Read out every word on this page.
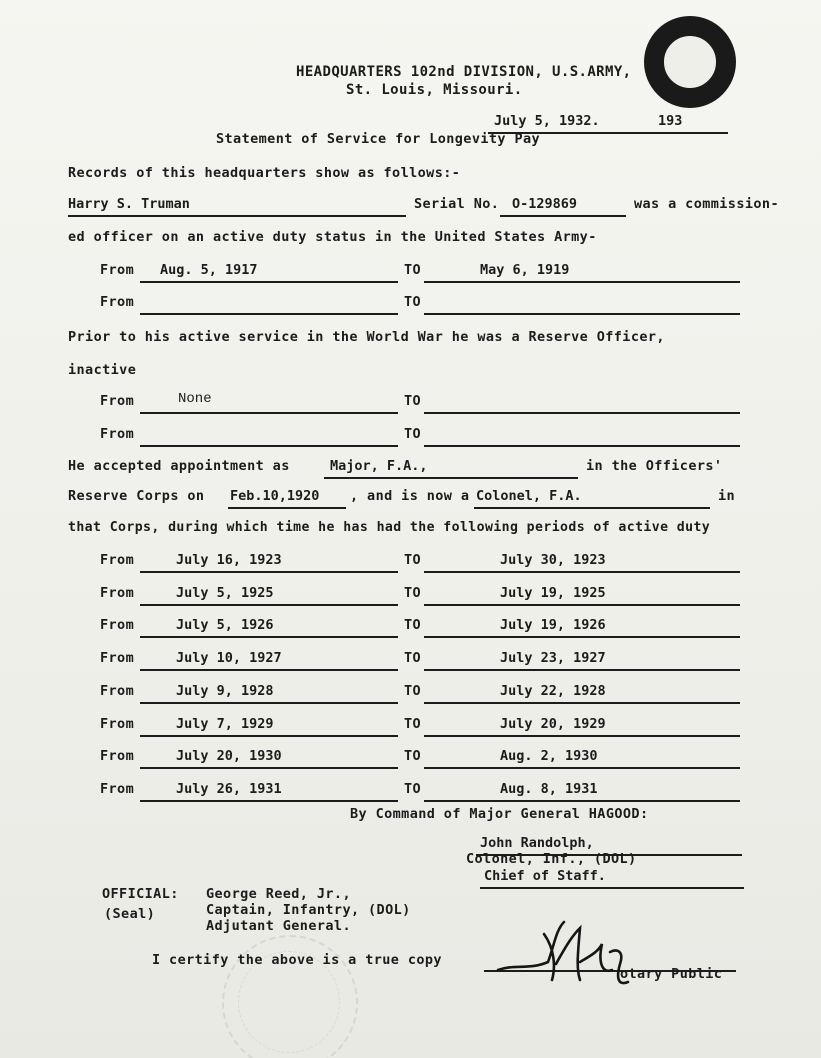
HEADQUARTERS 102nd DIVISION, U.S.ARMY,
St. Louis, Missouri.
July 5, 1932.	193
Statement of Service for Longevity Pay
Records of this headquarters show as follows:-
Harry S. Truman	Serial No. O-129869	was a commission-
ed officer on an active duty status in the United States Army-
From Aug. 5, 1917	TO	May 6, 1919
From	TO
Prior to his active service in the World War he was a Reserve Officer,
inactive
From	None	TO
From	TO
He accepted appointment as	Major, F.A.,	in the Officers'
Reserve Corps on Feb.10,1920 , and is now a Colonel, F.A.	in
that Corps, during which time he has had the following periods of active duty
From	July 16, 1923	TO	July 30, 1923
From	July 5, 1925	TO	July 19, 1925
From	July 5, 1926	TO	July 19, 1926
From	July 10, 1927	TO	July 23, 1927
From	July 9, 1928	TO	July 22, 1928
From	July 7, 1929	TO	July 20, 1929
From	July 20, 1930	TO	Aug. 2, 1930
From	July 26, 1931	TO	Aug. 8, 1931
By Command of Major General HAGOOD:
John Randolph,
Colonel, Inf., (DOL)
Chief of Staff.
OFFICIAL:
(Seal)
George Reed, Jr.,
Captain, Infantry, (DOL)
Adjutant General.
I certify the above is a true copy
otary Public
